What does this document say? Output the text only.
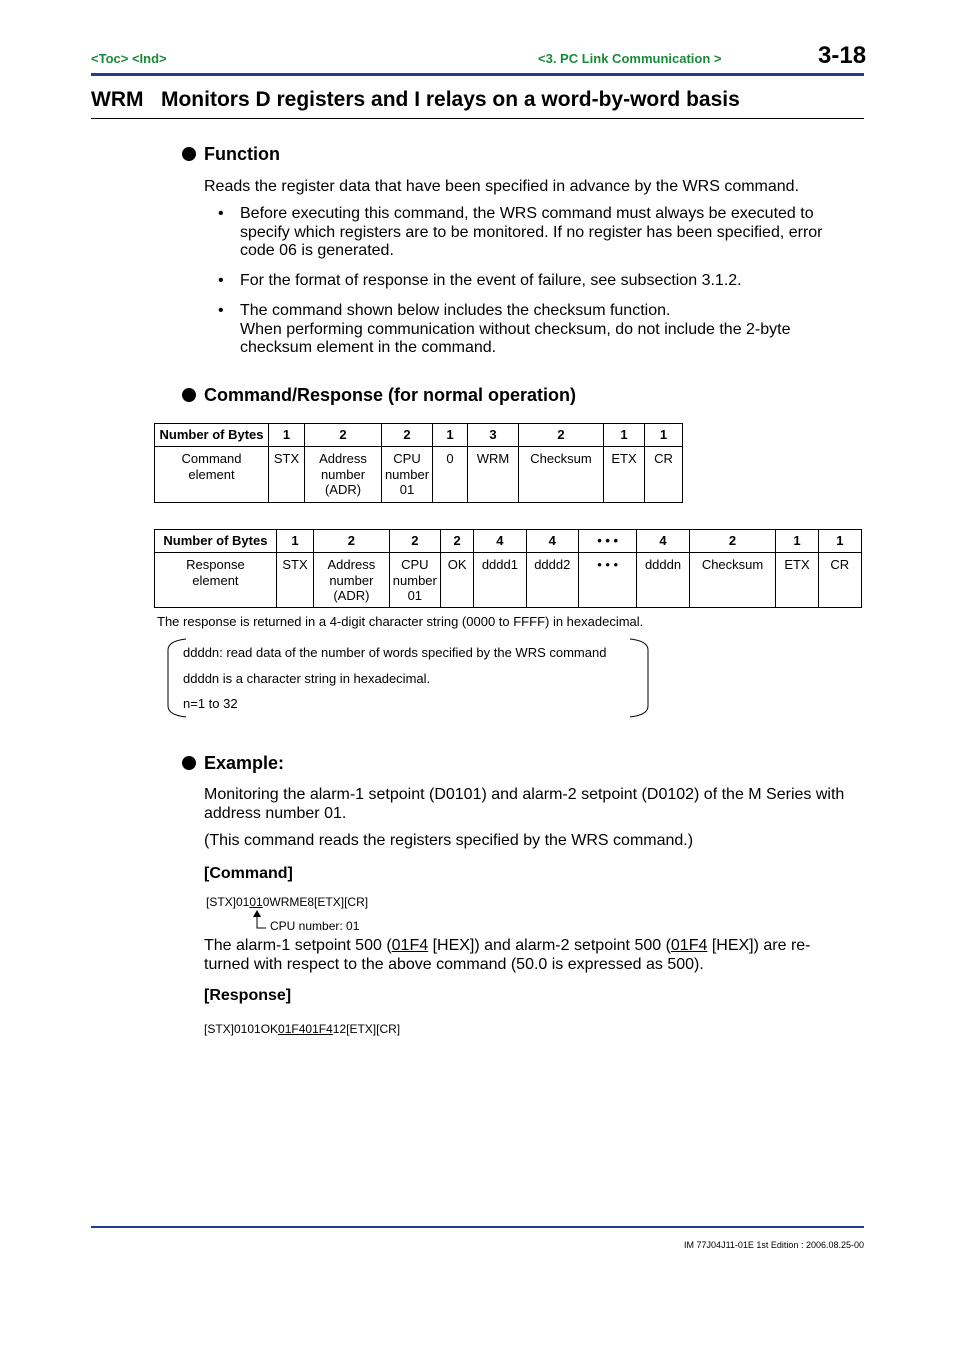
<Toc> <Ind>	<3. PC Link Communication >	3-18
WRM   Monitors D registers and I relays on a word-by-word basis
Function
Reads the register data that have been specified in advance by the WRS command.
• Before executing this command, the WRS command must always be executed to specify which registers are to be monitored. If no register has been specified, error code 06 is generated.
• For the format of response in the event of failure, see subsection 3.1.2.
• The command shown below includes the checksum function.
When performing communication without checksum, do not include the 2-byte checksum element in the command.
Command/Response (for normal operation)
Number of Bytes	1	2	2	1	3	2	1	1
Command element	STX	Address number (ADR)	CPU number 01	0	WRM	Checksum	ETX	CR
Number of Bytes	1	2	2	2	4	4	• • •	4	2	1	1
Response element	STX	Address number (ADR)	CPU number 01	OK	dddd1	dddd2	• • •	ddddn	Checksum	ETX	CR
The response is returned in a 4-digit character string (0000 to FFFF) in hexadecimal.
ddddn: read data of the number of words specified by the WRS command
ddddn is a character string in hexadecimal.
n=1 to 32
Example:
Monitoring the alarm-1 setpoint (D0101) and alarm-2 setpoint (D0102) of the M Series with address number 01.
(This command reads the registers specified by the WRS command.)
[Command]
[STX]01010WRME8[ETX][CR]
CPU number: 01
The alarm-1 setpoint 500 (01F4 [HEX]) and alarm-2 setpoint 500 (01F4 [HEX]) are re-
turned with respect to the above command (50.0 is expressed as 500).
[Response]
[STX]0101OK01F401F412[ETX][CR]
IM 77J04J11-01E 1st Edition : 2006.08.25-00
